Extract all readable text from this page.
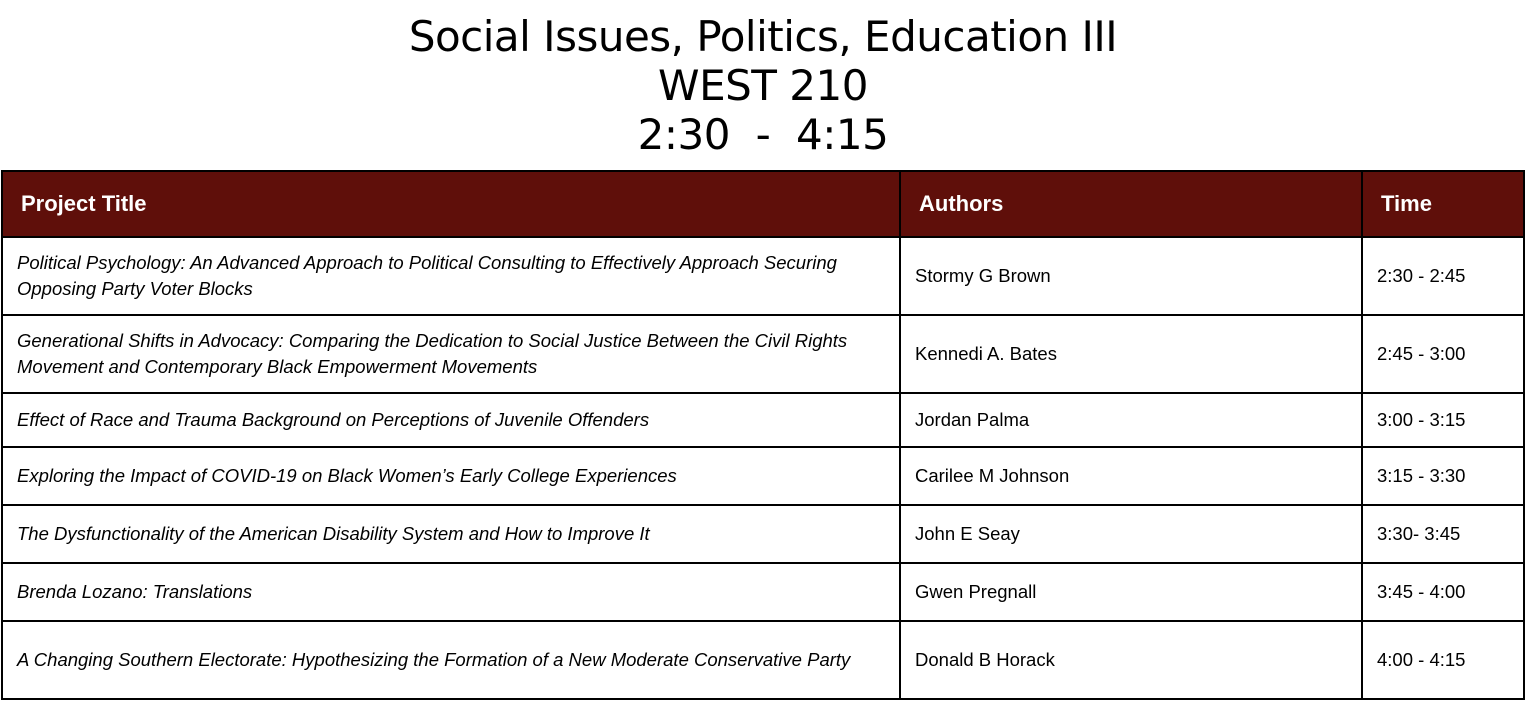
Social Issues, Politics, Education III
WEST 210
2:30  -  4:15
Project Title	Authors	Time
Political Psychology: An Advanced Approach to Political Consulting to Effectively Approach Securing Opposing Party Voter Blocks	Stormy G Brown	2:30 - 2:45
Generational Shifts in Advocacy: Comparing the Dedication to Social Justice Between the Civil Rights Movement and Contemporary Black Empowerment Movements	Kennedi A. Bates	2:45 - 3:00
Effect of Race and Trauma Background on Perceptions of Juvenile Offenders	Jordan Palma	3:00 - 3:15
Exploring the Impact of COVID-19 on Black Women’s Early College Experiences	Carilee M Johnson	3:15 - 3:30
The Dysfunctionality of the American Disability System and How to Improve It	John E Seay	3:30- 3:45
Brenda Lozano: Translations	Gwen Pregnall	3:45 - 4:00
A Changing Southern Electorate: Hypothesizing the Formation of a New Moderate Conservative Party	Donald B Horack	4:00 - 4:15
